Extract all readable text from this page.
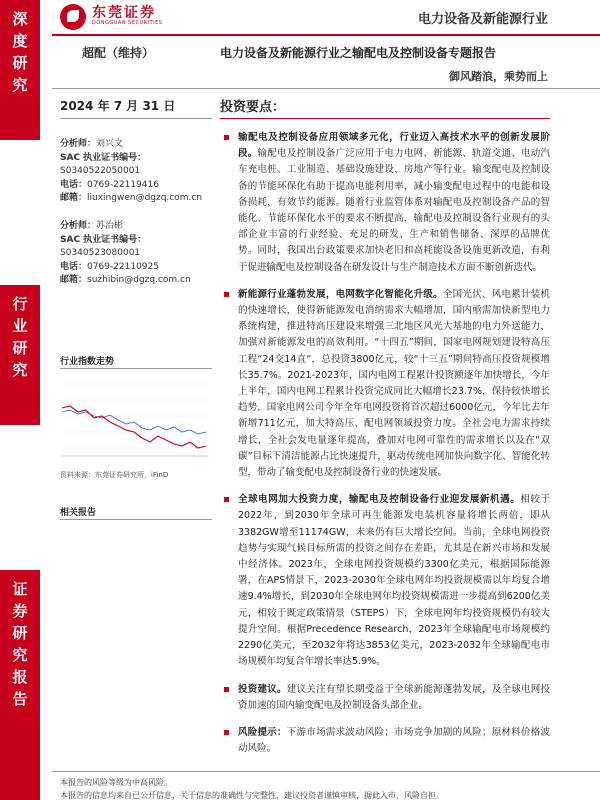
深度研究
行业研究
证券研究报告
东莞证券
DONGGUAN SECURITIES	电力设备及新能源行业
超配（维持）	电力设备及新能源行业之输配电及控制设备专题报告
御风踏浪，乘势而上
2024 年 7 月 31 日	投资要点：
分析师：刘兴文
SAC 执业证书编号：
S0340522050001
电话：0769-22119416
邮箱：liuxingwen@dgzq.com.cn
分析师：苏治彬
SAC 执业证书编号：
S0340523080001
电话：0769-22110925
邮箱：suzhibin@dgzq.com.cn
行业指数走势
资料来源：东莞证券研究所，iFinD
相关报告
输配电及控制设备应用领域多元化，行业迈入高技术水平的创新发展阶段。输配电及控制设备广泛应用于电力电网、新能源、轨道交通、电动汽车充电桩、工业制造、基础设施建设、房地产等行业。输变配电及控制设备的节能环保化有助于提高电能利用率，减小输变配电过程中的电能和设备损耗，有效节约能源。随着行业监管体系对输配电及控制设备产品的智能化、节能环保化水平的要求不断提高，输配电及控制设备行业现有的头部企业丰富的行业经验、充足的研发、生产和销售储备、深厚的品牌优势。同时，我国出台政策要求加快老旧和高耗能设备设施更新改造，有利于促进输配电及控制设备在研发设计与生产制造技术方面不断创新迭代。
新能源行业蓬勃发展，电网数字化智能化升级。全国光伏、风电累计装机的快速增长，使得新能源发电消纳需求大幅增加，国内亟需加快新型电力系统构建，推进特高压建设来增强三北地区风光大基地的电力外送能力，加强对新能源发电的高效利用。“十四五”期间，国家电网规划建设特高压工程“24交14直”，总投资3800亿元，较“十三五”期间特高压投资规模增长35.7%。2021-2023年，国内电网工程累计投资额逐年加快增长，今年上半年，国内电网工程累计投资完成同比大幅增长23.7%，保持较快增长趋势，国家电网公司今年全年电网投资将首次超过6000亿元，今年比去年新增711亿元，加大特高压、配电网领域投资力度。全社会电力需求持续增长，全社会发电量逐年提高，叠加对电网可靠性的需求增长以及在“双碳”目标下清洁能源占比快速提升，驱动传统电网加快向数字化、智能化转型，带动了输变配电及控制设备行业的快速发展。
全球电网加大投资力度，输配电及控制设备行业迎发展新机遇。相较于2022年，到2030年全球可再生能源发电装机容量将增长两倍，即从3382GW增至11174GW，未来仍有巨大增长空间。当前，全球电网投资趋势与实现气候目标所需的投资之间存在差距，尤其是在新兴市场和发展中经济体。2023年，全球电网投资规模约3300亿美元，根据国际能源署，在APS情景下，2023-2030年全球电网年均投资规模需以年均复合增速9.4%增长，到2030年全球电网年均投资规模需进一步提高到6200亿美元，相较于既定政策情景（STEPS）下，全球电网年均投资规模仍有较大提升空间。根据Precedence Research，2023年全球输配电市场规模约2290亿美元，至2032年将达3853亿美元，2023-2032年全球输配电市场规模年均复合年增长率达5.9%。
投资建议。建议关注有望长期受益于全球新能源蓬勃发展，及全球电网投资加速的国内输变配电及控制设备头部企业。
风险提示：下游市场需求波动风险；市场竞争加剧的风险；原材料价格波动风险。
本报告的风险等级为中高风险。
本报告的信息均来自已公开信息，关于信息的准确性与完整性，建议投资者谨慎审核，据此入市，风险自担。
